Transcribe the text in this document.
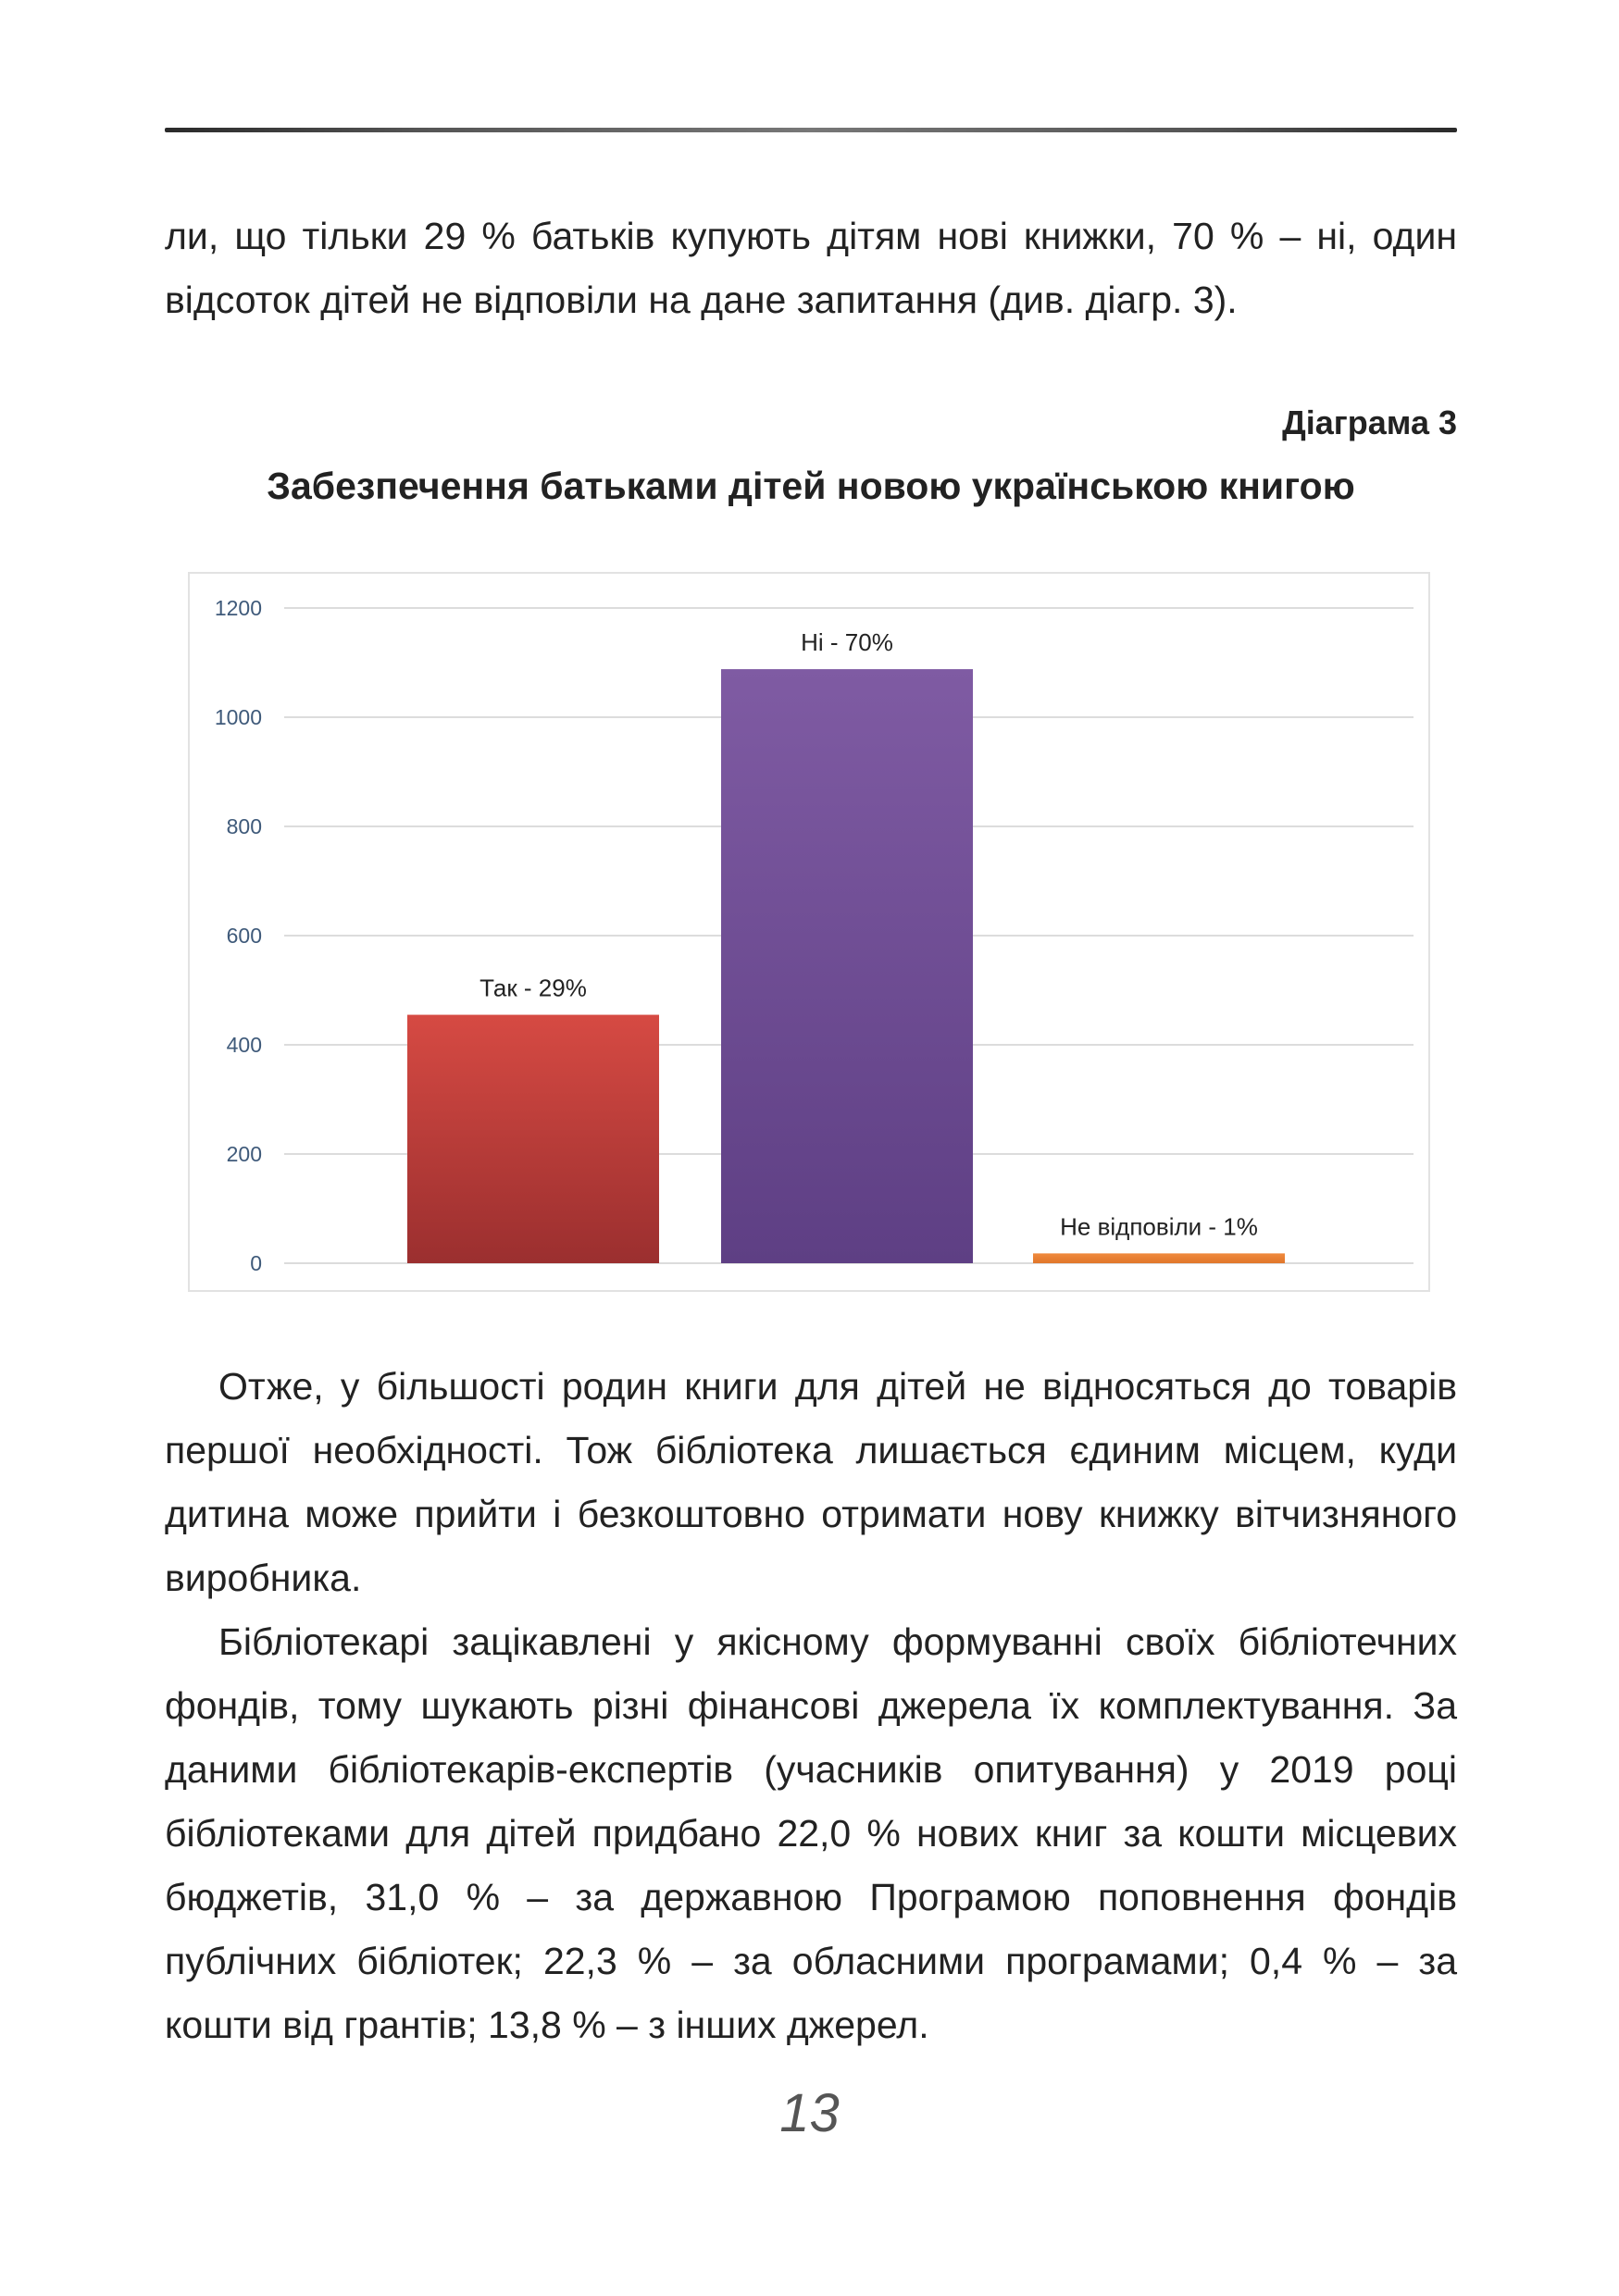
ли, що тільки 29 % батьків купують дітям нові книжки, 70 % – ні, один відсоток дітей не відповіли на дане запитання (див. діагр. 3).

Діаграма 3

Забезпечення батьками дітей новою українською книгою

0
200
400
600
800
1000
1200
Так - 29%
Ні - 70%
Не відповіли - 1%

Отже, у більшості родин книги для дітей не відносяться до товарів першої необхідності. Тож бібліотека лишається єдиним місцем, куди дитина може прийти і безкоштовно отримати нову книжку вітчизняного виробника.

Бібліотекарі зацікавлені у якісному формуванні своїх бібліотечних фондів, тому шукають різні фінансові джерела їх комплектування. За даними бібліотекарів-експертів (учасників опитування) у 2019 році бібліотеками для дітей придбано 22,0 % нових книг за кошти місцевих бюджетів, 31,0 % – за державною Програмою поповнення фондів публічних бібліотек; 22,3 % – за обласними програмами; 0,4 % – за кошти від грантів; 13,8 % – з інших джерел.

13
